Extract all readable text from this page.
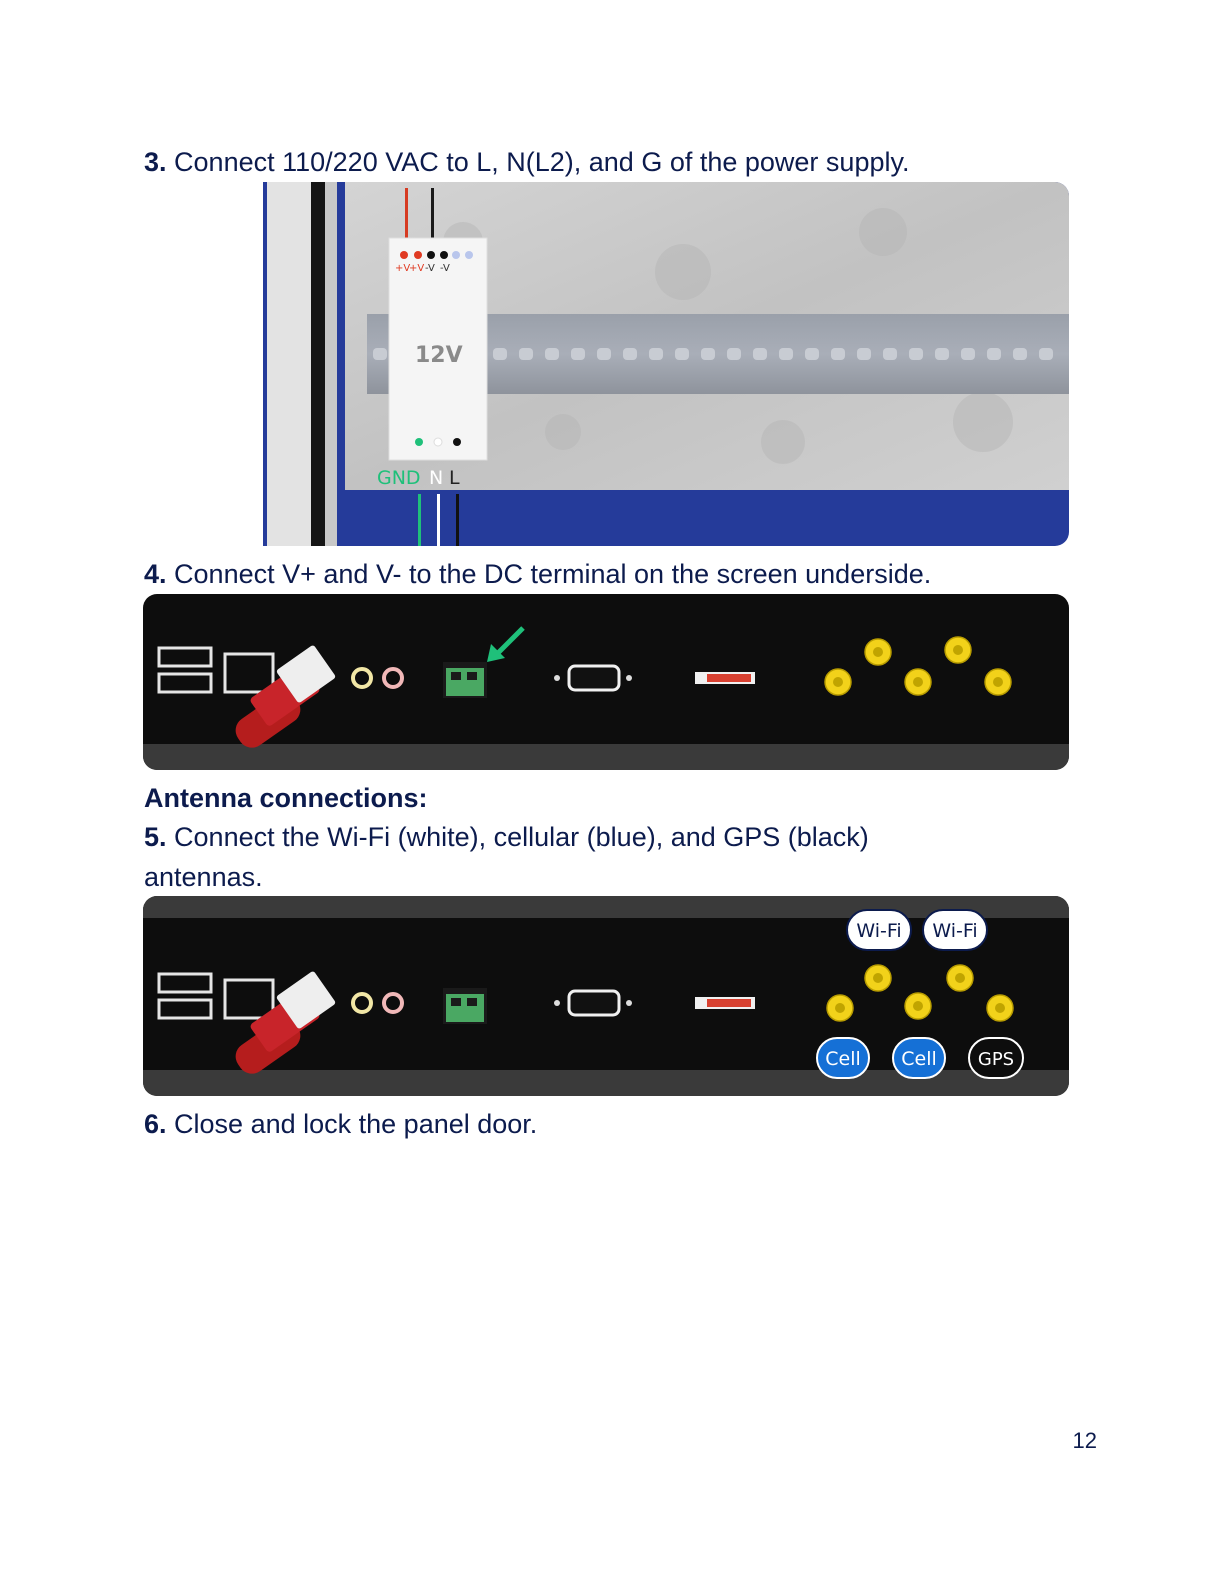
3. Connect 110/220 VAC to L, N(L2), and G of the power supply.

+V
+V -V -V
12V
GND N L

4. Connect V+ and V- to the DC terminal on the screen underside.

Antenna connections:

5. Connect the Wi-Fi (white), cellular (blue), and GPS (black)

antennas.

Wi-Fi Wi-Fi
Cell Cell GPS

6. Close and lock the panel door.

12
